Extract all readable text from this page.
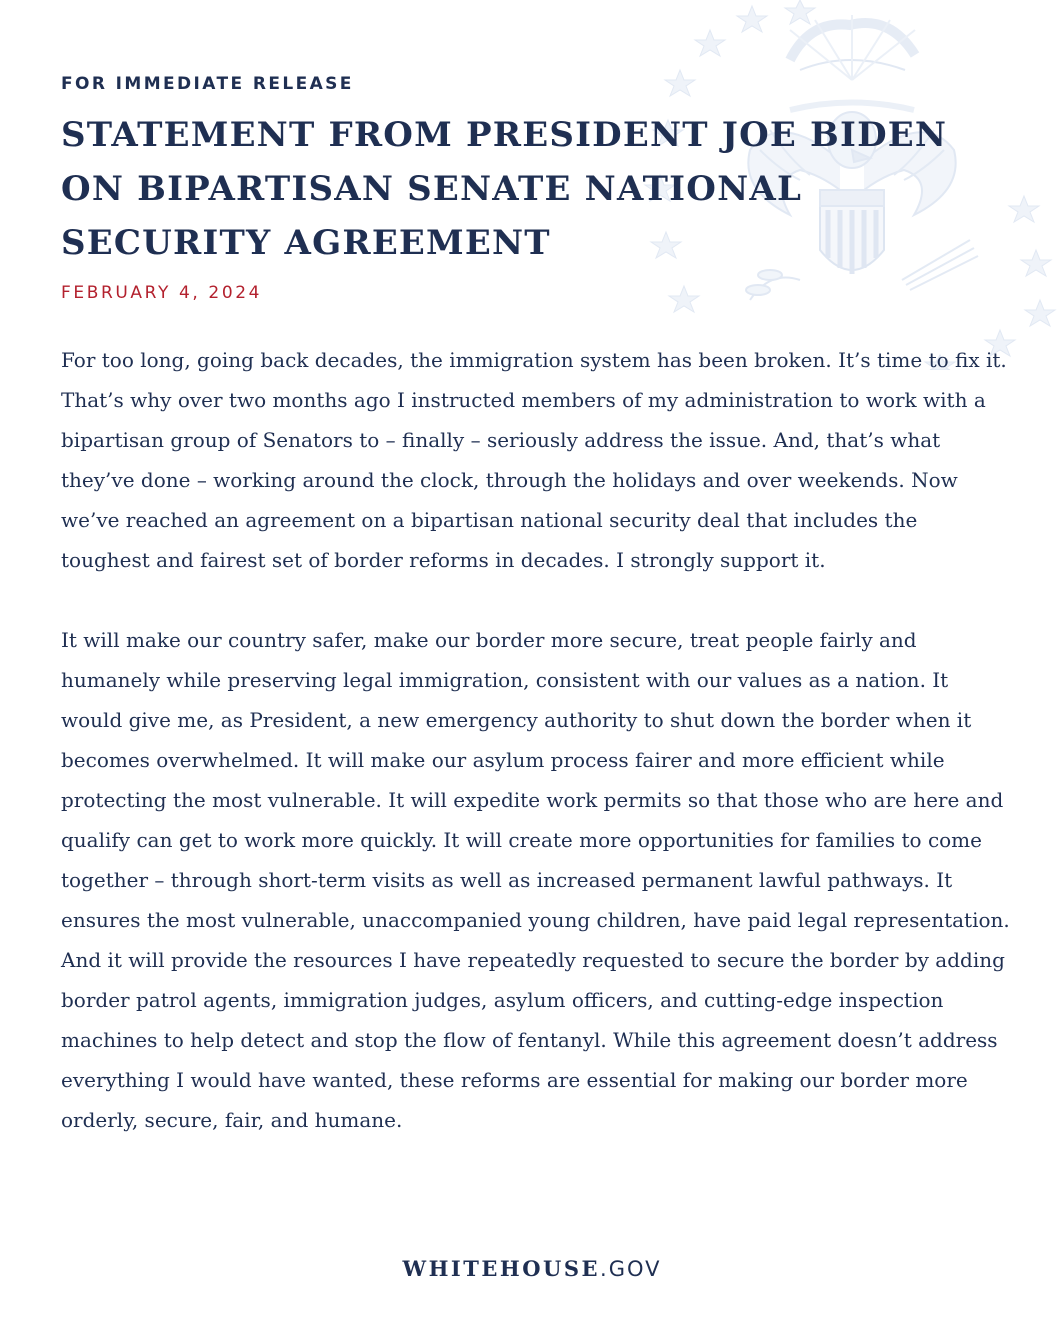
FOR IMMEDIATE RELEASE
STATEMENT FROM PRESIDENT JOE BIDEN
ON BIPARTISAN SENATE NATIONAL
SECURITY AGREEMENT
FEBRUARY 4, 2024

For too long, going back decades, the immigration system has been broken. It’s time to fix it. That’s why over two months ago I instructed members of my administration to work with a bipartisan group of Senators to – finally – seriously address the issue. And, that’s what they’ve done – working around the clock, through the holidays and over weekends. Now we’ve reached an agreement on a bipartisan national security deal that includes the toughest and fairest set of border reforms in decades. I strongly support it.

It will make our country safer, make our border more secure, treat people fairly and humanely while preserving legal immigration, consistent with our values as a nation. It would give me, as President, a new emergency authority to shut down the border when it becomes overwhelmed. It will make our asylum process fairer and more efficient while protecting the most vulnerable. It will expedite work permits so that those who are here and qualify can get to work more quickly. It will create more opportunities for families to come together – through short-term visits as well as increased permanent lawful pathways. It ensures the most vulnerable, unaccompanied young children, have paid legal representation. And it will provide the resources I have repeatedly requested to secure the border by adding border patrol agents, immigration judges, asylum officers, and cutting-edge inspection machines to help detect and stop the flow of fentanyl. While this agreement doesn’t address everything I would have wanted, these reforms are essential for making our border more orderly, secure, fair, and humane.

WHITEHOUSE.GOV
